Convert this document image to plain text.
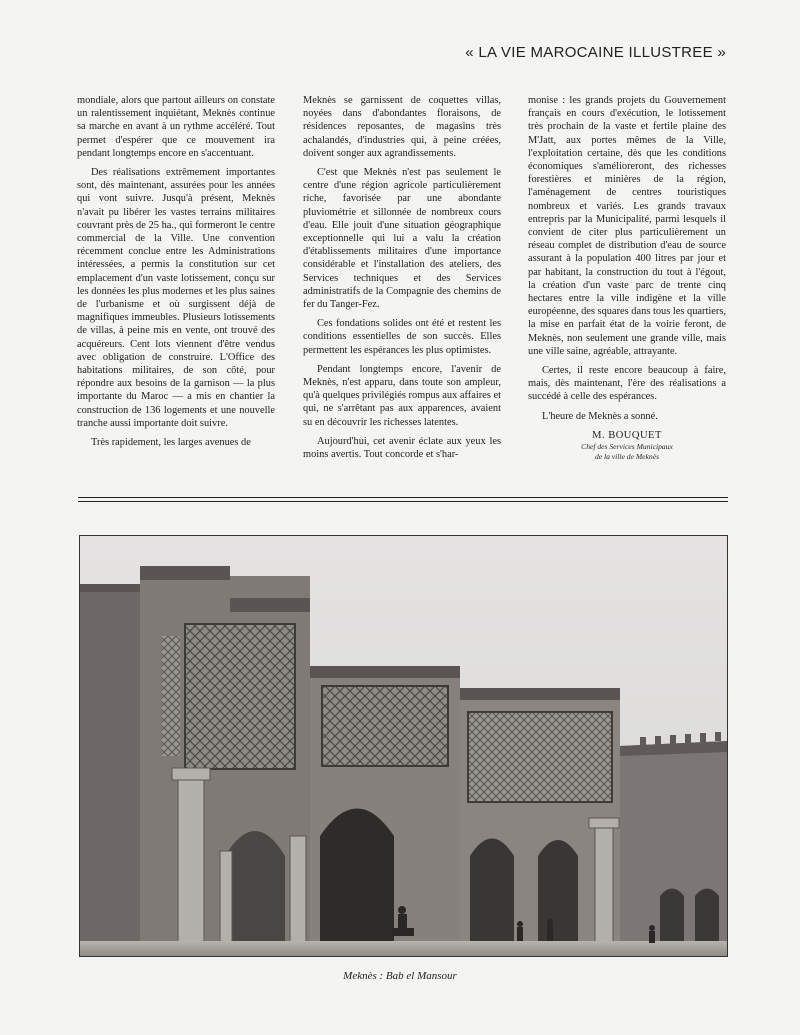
« LA VIE MAROCAINE ILLUSTREE »

mondiale, alors que partout ailleurs on constate un ralentissement inquiétant, Meknès continue sa marche en avant à un rythme accéléré. Tout permet d'espérer que ce mouvement ira pendant longtemps encore en s'accentuant.

Des réalisations extrêmement importantes sont, dès maintenant, assurées pour les années qui vont suivre. Jusqu'à présent, Meknès n'avait pu libérer les vastes terrains militaires couvrant près de 25 ha., qui formeront le centre commercial de la Ville. Une convention récemment conclue entre les Administrations intéressées, a permis la constitution sur cet emplacement d'un vaste lotissement, conçu sur les données les plus modernes et les plus saines de l'urbanisme et où surgissent déjà de magnifiques immeubles. Plusieurs lotissements de villas, à peine mis en vente, ont trouvé des acquéreurs. Cent lots viennent d'être vendus avec obligation de construire. L'Office des habitations militaires, de son côté, pour répondre aux besoins de la garnison — la plus importante du Maroc — a mis en chantier la construction de 136 logements et une nouvelle tranche aussi importante doit suivre.

Très rapidement, les larges avenues de

Meknès se garnissent de coquettes villas, noyées dans d'abondantes floraisons, de résidences reposantes, de magasins très achalandés, d'industries qui, à peine créées, doivent songer aux agrandissements.

C'est que Meknès n'est pas seulement le centre d'une région agricole particulièrement riche, favorisée par une abondante pluviométrie et sillonnée de nombreux cours d'eau. Elle jouit d'une situation géographique exceptionnelle qui lui a valu la création d'établissements militaires d'une importance considérable et l'installation des ateliers, des Services techniques et des Services administratifs de la Compagnie des chemins de fer du Tanger-Fez.

Ces fondations solides ont été et restent les conditions essentielles de son succès. Elles permettent les espérances les plus optimistes.

Pendant longtemps encore, l'avenir de Meknès, n'est apparu, dans toute son ampleur, qu'à quelques privilégiés rompus aux affaires et qui, ne s'arrêtant pas aux apparences, avaient su en découvrir les richesses latentes.

Aujourd'hui, cet avenir éclate aux yeux les moins avertis. Tout concorde et s'har-

monise : les grands projets du Gouvernement français en cours d'exécution, le lotissement très prochain de la vaste et fertile plaine des M'Jatt, aux portes mêmes de la Ville, l'exploitation certaine, dès que les conditions économiques s'amélioreront, des richesses forestières et minières de la région, l'aménagement de centres touristiques nombreux et variés. Les grands travaux entrepris par la Municipalité, parmi lesquels il convient de citer plus particulièrement un réseau complet de distribution d'eau de source assurant à la population 400 litres par jour et par habitant, la construction du tout à l'égout, la création d'un vaste parc de trente cinq hectares entre la ville indigène et la ville européenne, des squares dans tous les quartiers, la mise en parfait état de la voirie feront, de Meknès, non seulement une grande ville, mais une ville saine, agréable, attrayante.

Certes, il reste encore beaucoup à faire, mais, dès maintenant, l'ère des réalisations a succédé à celle des espérances.

L'heure de Meknès a sonné.

M. BOUQUET
Chef des Services Municipaux
de la ville de Meknès
Meknès : Bab el Mansour
